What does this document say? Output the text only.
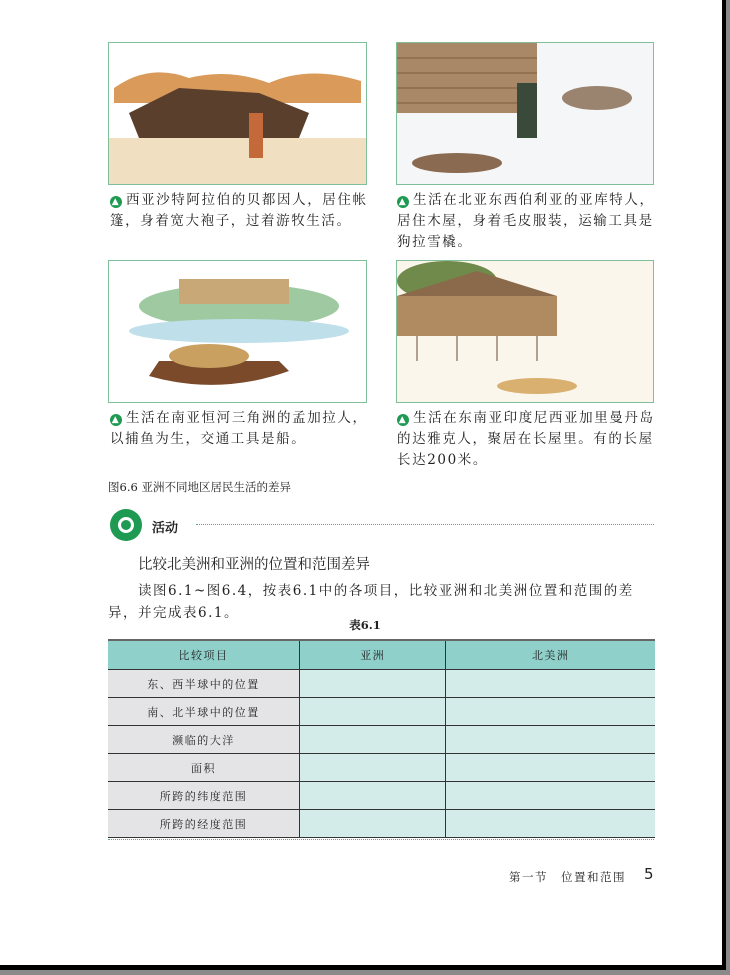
▲ 西亚沙特阿拉伯的贝都因人，居住帐篷，身着宽大袍子，过着游牧生活。
▲ 生活在北亚东西伯利亚的亚库特人，居住木屋，身着毛皮服装，运输工具是狗拉雪橇。
▲ 生活在南亚恒河三角洲的孟加拉人，以捕鱼为生，交通工具是船。
▲ 生活在东南亚印度尼西亚加里曼丹岛的达雅克人，聚居在长屋里。有的长屋长达200米。
图6.6 亚洲不同地区居民生活的差异
活动
比较北美洲和亚洲的位置和范围差异
读图6.1~图6.4，按表6.1中的各项目，比较亚洲和北美洲位置和范围的差异，并完成表6.1。
表6.1
比较项目	亚洲	北美洲
东、西半球中的位置		
南、北半球中的位置		
濒临的大洋		
面积		
所跨的纬度范围		
所跨的经度范围		
第一节　位置和范围 5
